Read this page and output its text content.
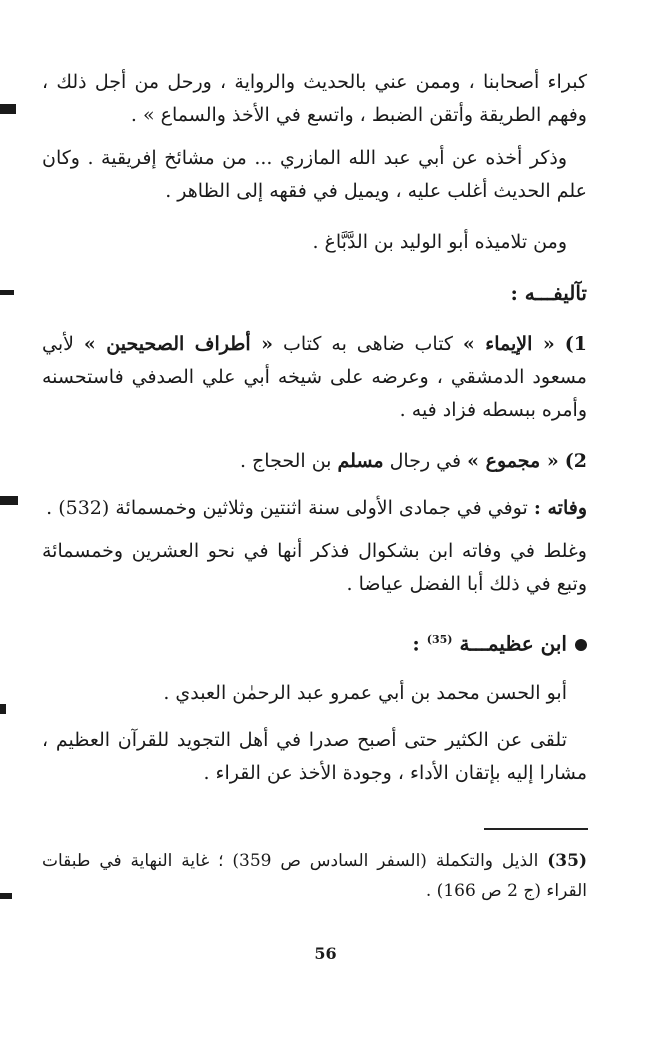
كبراء أصحابنا ، وممن عني بالحديث والرواية ، ورحل من أجل ذلك ، وفهم الطريقة وأتقن الضبط ، واتسع في الأخذ والسماع » .

وذكر أخذه عن أبي عبد الله المازري ... من مشائخ إفريقية . وكان علم الحديث أغلب عليه ، ويميل في فقهه إلى الظاهر .

ومن تلاميذه أبو الوليد بن الدَّبَّاغ .

تآليفـــه :

1) « الإيماء » كتاب ضاهى به كتاب « أطراف الصحيحين » لأبي مسعود الدمشقي ، وعرضه على شيخه أبي علي الصدفي فاستحسنه وأمره ببسطه فزاد فيه .

2) « مجموع » في رجال مسلم بن الحجاج .

وفاته : توفي في جمادى الأولى سنة اثنتين وثلاثين وخمسمائة (532) .

وغلط في وفاته ابن بشكوال فذكر أنها في نحو العشرين وخمسمائة وتبع في ذلك أبا الفضل عياضا .

ابن عظيمـــة $^{(35)}$ :

أبو الحسن محمد بن أبي عمرو عبد الرحمٰن العبدي .

تلقى عن الكثير حتى أصبح صدرا في أهل التجويد للقرآن العظيم ، مشارا إليه بإتقان الأداء ، وجودة الأخذ عن القراء .

(35) الذيل والتكملة (السفر السادس ص 359) ؛ غاية النهاية في طبقات القراء (ج 2 ص 166) .
56
